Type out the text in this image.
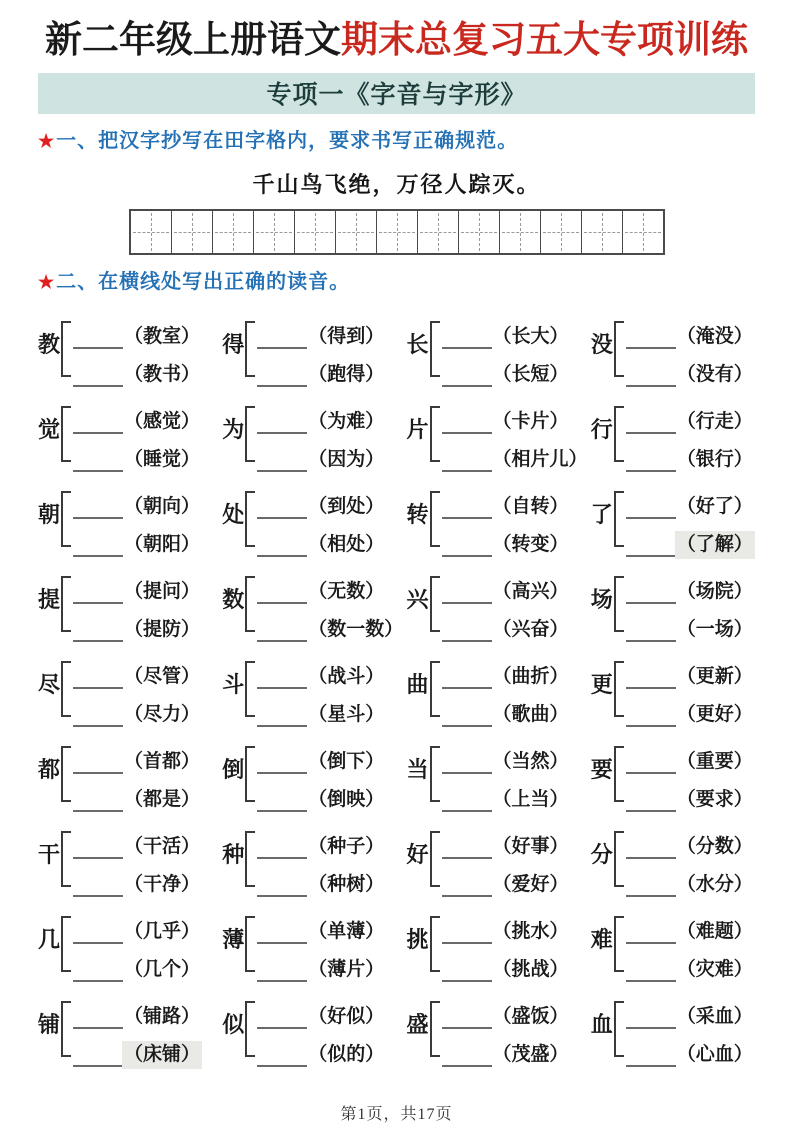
新二年级上册语文期末总复习五大专项训练
专项一《字音与字形》
★ 一、把汉字抄写在田字格内，要求书写正确规范。
千山鸟飞绝，万径人踪灭。
★ 二、在横线处写出正确的读音。
教	（教室）
（教书）
得	（得到）
（跑得）
长	（长大）
（长短）
没	（淹没）
（没有）
觉	（感觉）
（睡觉）
为	（为难）
（因为）
片	（卡片）
（相片儿）
行	（行走）
（银行）
朝	（朝向）
（朝阳）
处	（到处）
（相处）
转	（自转）
（转变）
了	（好了）
（了解）
提	（提问）
（提防）
数	（无数）
（数一数）
兴	（高兴）
（兴奋）
场	（场院）
（一场）
尽	（尽管）
（尽力）
斗	（战斗）
（星斗）
曲	（曲折）
（歌曲）
更	（更新）
（更好）
都	（首都）
（都是）
倒	（倒下）
（倒映）
当	（当然）
（上当）
要	（重要）
（要求）
干	（干活）
（干净）
种	（种子）
（种树）
好	（好事）
（爱好）
分	（分数）
（水分）
几	（几乎）
（几个）
薄	（单薄）
（薄片）
挑	（挑水）
（挑战）
难	（难题）
（灾难）
铺	（铺路）
（床铺）
似	（好似）
（似的）
盛	（盛饭）
（茂盛）
血	（采血）
（心血）
第1页，共17页
